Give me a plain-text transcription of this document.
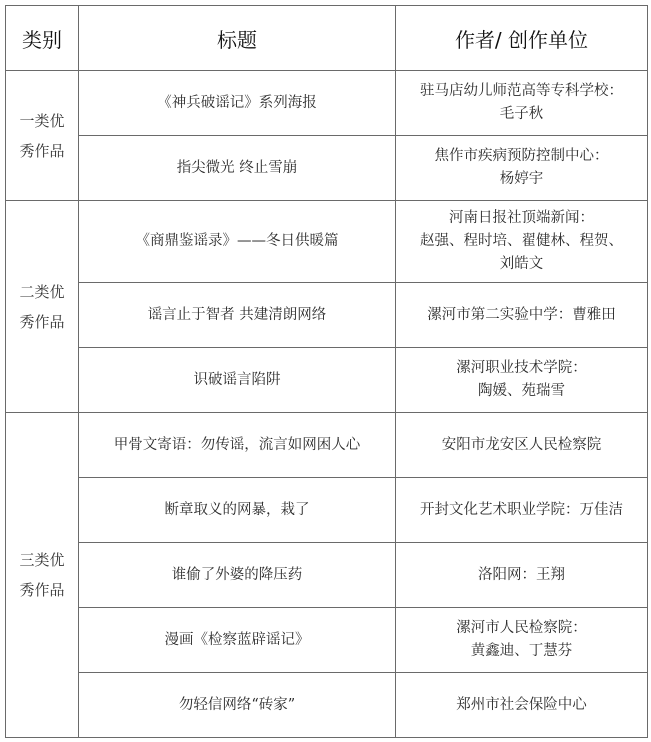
类别	标题	作者/ 创作单位

一类优
秀作品	《神兵破谣记》系列海报	驻马店幼儿师范高等专科学校：
毛子秋

	指尖微光 终止雪崩	焦作市疾病预防控制中心：
杨婷宇

二类优
秀作品	《商鼎鉴谣录》——冬日供暖篇	河南日报社顶端新闻：
赵强、程时培、翟健林、程贺、
刘皓文

	谣言止于智者 共建清朗网络	漯河市第二实验中学：曹雅田

	识破谣言陷阱	漯河职业技术学院：
陶媛、苑瑞雪

三类优
秀作品	甲骨文寄语：勿传谣，流言如网困人心	安阳市龙安区人民检察院

	断章取义的网暴，栽了	开封文化艺术职业学院：万佳洁

	谁偷了外婆的降压药	洛阳网：王翔

	漫画《检察蓝辟谣记》	漯河市人民检察院：
黄鑫迪、丁慧芬

	勿轻信网络“砖家”	郑州市社会保险中心
